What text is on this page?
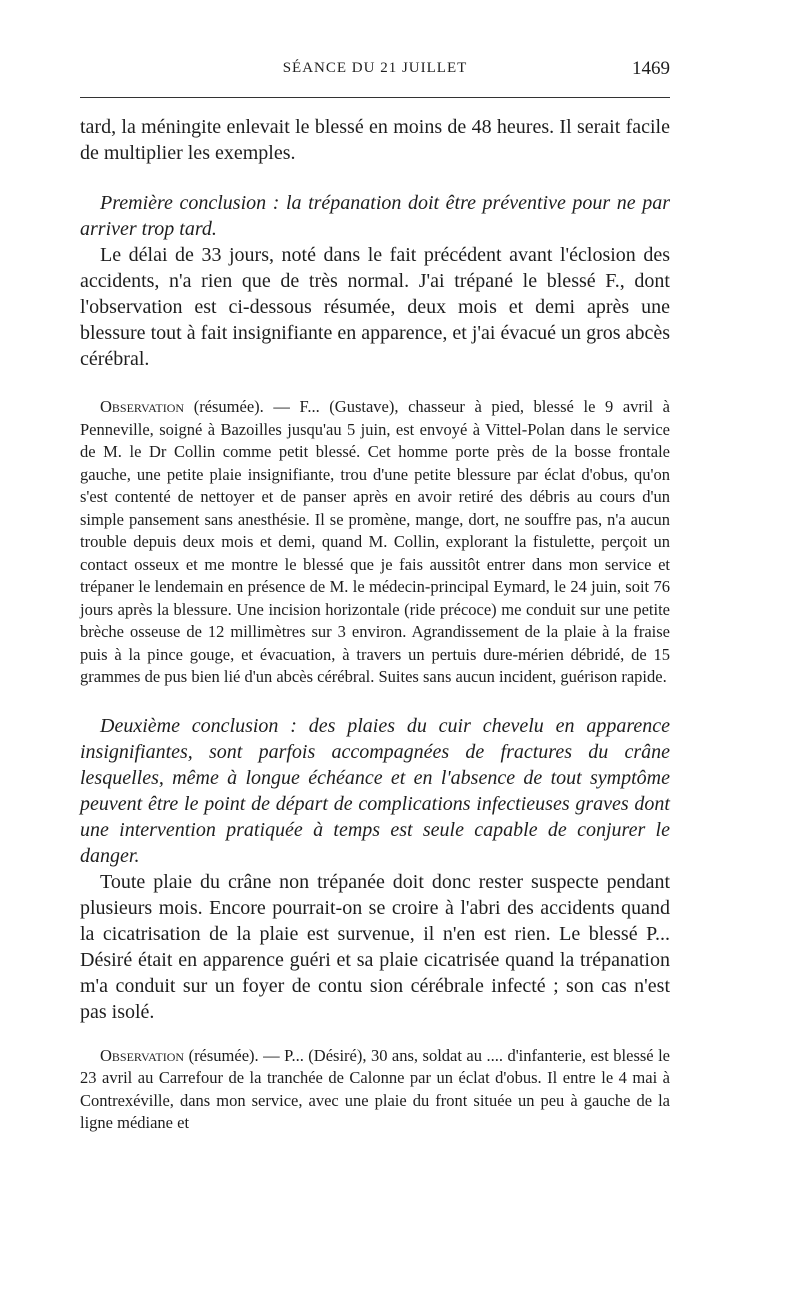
SÉANCE DU 21 JUILLET	1469

tard, la méningite enlevait le blessé en moins de 48 heures. Il serait facile de multiplier les exemples.

Première conclusion : la trépanation doit être préventive pour ne par arriver trop tard.

Le délai de 33 jours, noté dans le fait précédent avant l'éclosion des accidents, n'a rien que de très normal. J'ai trépané le blessé F., dont l'observation est ci-dessous résumée, deux mois et demi après une blessure tout à fait insignifiante en apparence, et j'ai évacué un gros abcès cérébral.

Observation (résumée). — F... (Gustave), chasseur à pied, blessé le 9 avril à Penneville, soigné à Bazoilles jusqu'au 5 juin, est envoyé à Vittel-Polan dans le service de M. le Dr Collin comme petit blessé. Cet homme porte près de la bosse frontale gauche, une petite plaie insignifiante, trou d'une petite blessure par éclat d'obus, qu'on s'est contenté de nettoyer et de panser après en avoir retiré des débris au cours d'un simple pansement sans anesthésie. Il se promène, mange, dort, ne souffre pas, n'a aucun trouble depuis deux mois et demi, quand M. Collin, explorant la fistulette, perçoit un contact osseux et me montre le blessé que je fais aussitôt entrer dans mon service et trépaner le lendemain en présence de M. le médecin-principal Eymard, le 24 juin, soit 76 jours après la blessure. Une incision horizontale (ride précoce) me conduit sur une petite brèche osseuse de 12 millimètres sur 3 environ. Agrandissement de la plaie à la fraise puis à la pince gouge, et évacuation, à travers un pertuis dure-mérien débridé, de 15 grammes de pus bien lié d'un abcès cérébral. Suites sans aucun incident, guérison rapide.

Deuxième conclusion : des plaies du cuir chevelu en apparence insignifiantes, sont parfois accompagnées de fractures du crâne lesquelles, même à longue échéance et en l'absence de tout symptôme peuvent être le point de départ de complications infectieuses graves dont une intervention pratiquée à temps est seule capable de conjurer le danger.

Toute plaie du crâne non trépanée doit donc rester suspecte pendant plusieurs mois. Encore pourrait-on se croire à l'abri des accidents quand la cicatrisation de la plaie est survenue, il n'en est rien. Le blessé P... Désiré était en apparence guéri et sa plaie cicatrisée quand la trépanation m'a conduit sur un foyer de contu sion cérébrale infecté ; son cas n'est pas isolé.

Observation (résumée). — P... (Désiré), 30 ans, soldat au .... d'infanterie, est blessé le 23 avril au Carrefour de la tranchée de Calonne par un éclat d'obus. Il entre le 4 mai à Contrexéville, dans mon service, avec une plaie du front située un peu à gauche de la ligne médiane et
